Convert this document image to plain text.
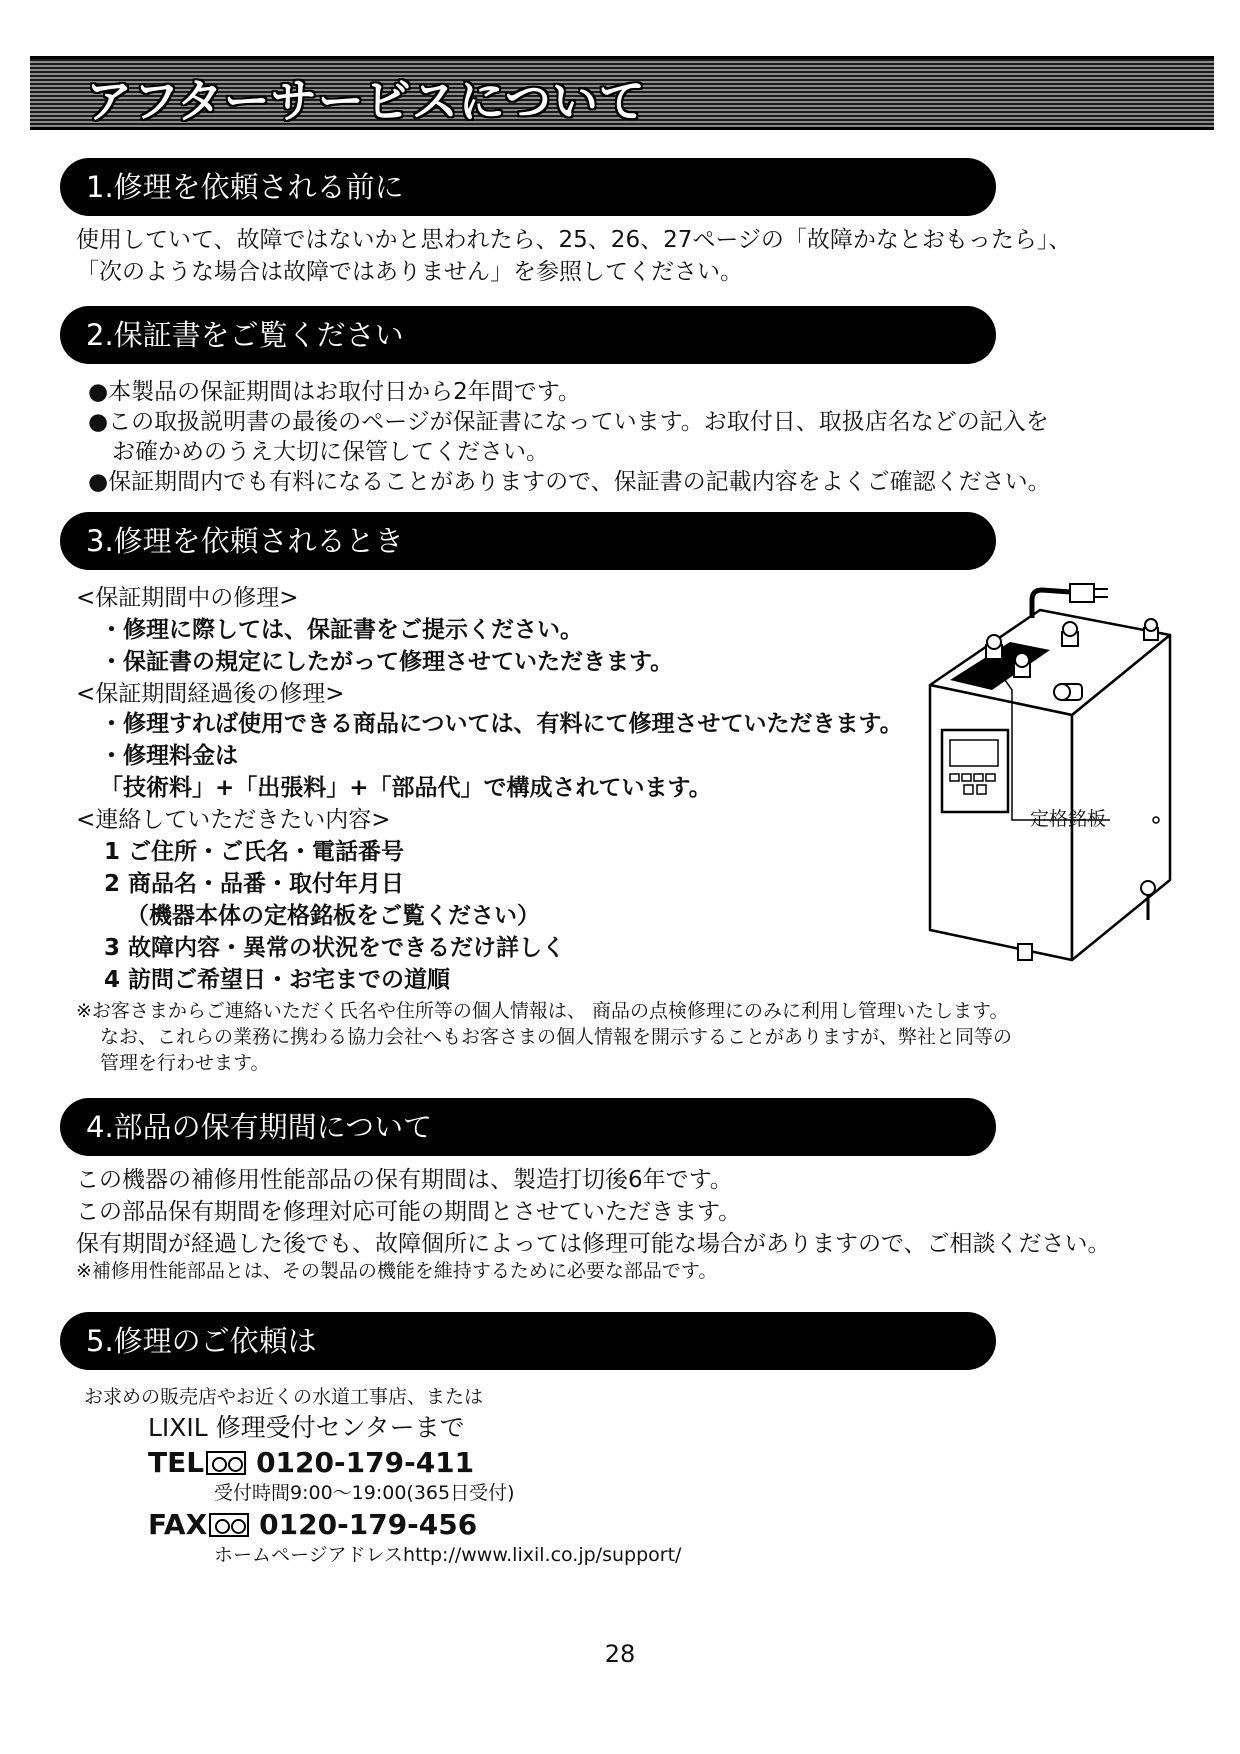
アフターサービスについて
1.修理を依頼される前に
使用していて、故障ではないかと思われたら、25、26、27ページの「故障かなとおもったら」、
「次のような場合は故障ではありません」を参照してください。
2.保証書をご覧ください
●本製品の保証期間はお取付日から2年間です。
●この取扱説明書の最後のページが保証書になっています。お取付日、取扱店名などの記入を
お確かめのうえ大切に保管してください。
●保証期間内でも有料になることがありますので、保証書の記載内容をよくご確認ください。
3.修理を依頼されるとき
<保証期間中の修理>
・修理に際しては、保証書をご提示ください。
・保証書の規定にしたがって修理させていただきます。
<保証期間経過後の修理>
・修理すれば使用できる商品については、有料にて修理させていただきます。
・修理料金は
「技術料」+「出張料」+「部品代」で構成されています。
<連絡していただきたい内容>
1 ご住所・ご氏名・電話番号
2 商品名・品番・取付年月日
（機器本体の定格銘板をご覧ください）
3 故障内容・異常の状況をできるだけ詳しく
4 訪問ご希望日・お宅までの道順
定格銘板
※お客さまからご連絡いただく氏名や住所等の個人情報は、 商品の点検修理にのみに利用し管理いたします。
なお、これらの業務に携わる協力会社へもお客さまの個人情報を開示することがありますが、弊社と同等の
管理を行わせます。
4.部品の保有期間について
この機器の補修用性能部品の保有期間は、製造打切後6年です。
この部品保有期間を修理対応可能の期間とさせていただきます。
保有期間が経過した後でも、故障個所によっては修理可能な場合がありますので、ご相談ください。
※補修用性能部品とは、その製品の機能を維持するために必要な部品です。
5.修理のご依頼は
お求めの販売店やお近くの水道工事店、または
LIXIL 修理受付センターまで
TEL 0120-179-411
受付時間9:00～19:00(365日受付)
FAX 0120-179-456
ホームページアドレスhttp://www.lixil.co.jp/support/
28
